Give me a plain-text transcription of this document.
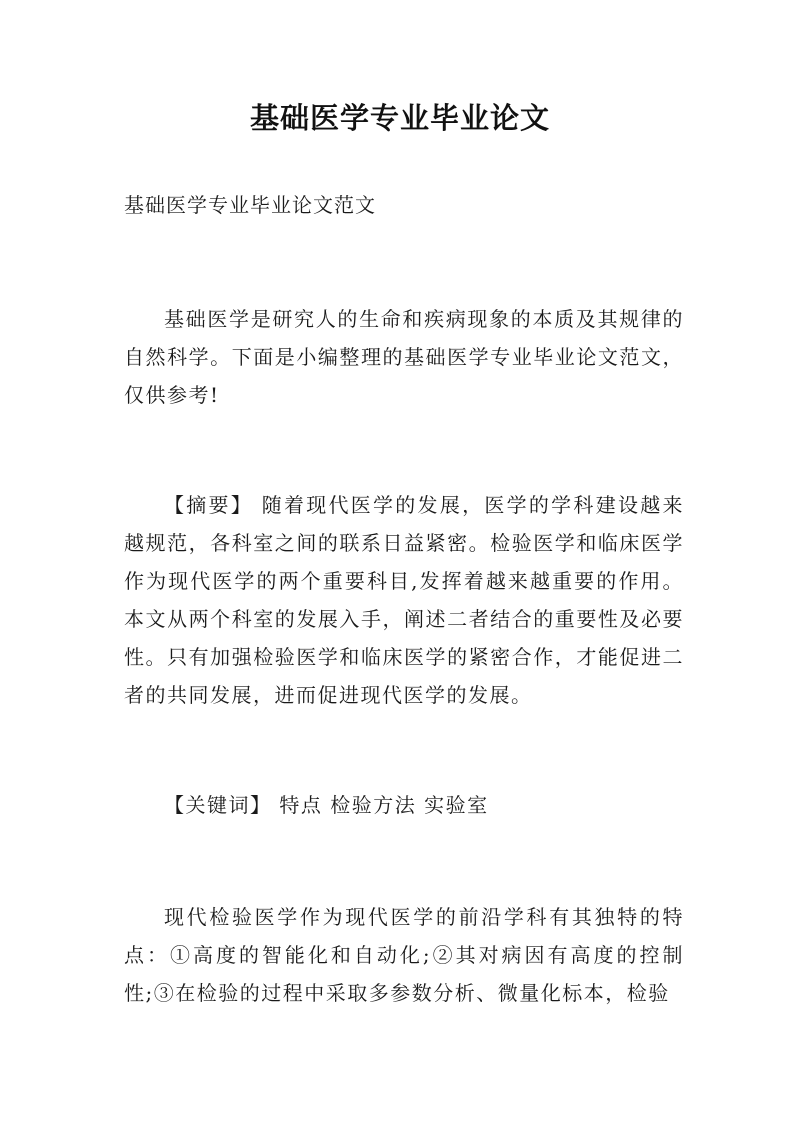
基础医学专业毕业论文
基础医学专业毕业论文范文

基础医学是研究人的生命和疾病现象的本质及其规律的自然科学。下面是小编整理的基础医学专业毕业论文范文，仅供参考!

【摘要】 随着现代医学的发展，医学的学科建设越来越规范，各科室之间的联系日益紧密。检验医学和临床医学作为现代医学的两个重要科目,发挥着越来越重要的作用。本文从两个科室的发展入手，阐述二者结合的重要性及必要性。只有加强检验医学和临床医学的紧密合作，才能促进二者的共同发展，进而促进现代医学的发展。

【关键词】 特点 检验方法 实验室

现代检验医学作为现代医学的前沿学科有其独特的特点：①高度的智能化和自动化;②其对病因有高度的控制性;③在检验的过程中采取多参数分析、微量化标本，检验
